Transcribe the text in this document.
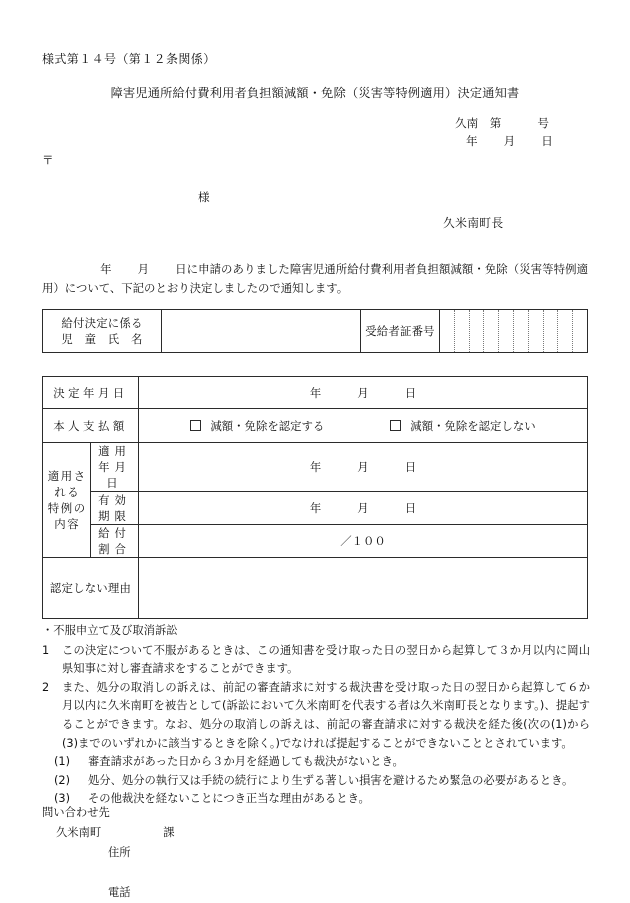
様式第１４号（第１２条関係）
障害児通所給付費利用者負担額減額・免除（災害等特例適用）決定通知書
久南　第	号
年 月 日
〒
様
久米南町長
年 月 日に申請のありました障害児通所給付費利用者負担額減額・免除（災害等特例適用）について、下記のとおり決定しましたので通知します。
給付決定に係る
児　童　氏　名
		受給者証番号										
決定年月日		年 月 日
本人支払額		減額・免除を認定する 減額・免除を認定しない

適用される
特例の内容	適用年月日	年 月 日
	有効期限	年 月 日
	給付割合	／１００
認定しない理由		

・不服申立て及び取消訴訟

1 この決定について不服があるときは、この通知書を受け取った日の翌日から起算して３か月以内に岡山県知事に対し審査請求をすることができます。

2 また、処分の取消しの訴えは、前記の審査請求に対する裁決書を受け取った日の翌日から起算して６か月以内に久米南町を被告として(訴訟において久米南町を代表する者は久米南町長となります。)、提起することができます。なお、処分の取消しの訴えは、前記の審査請求に対する裁決を経た後(次の(1)から(3)までのいずれかに該当するときを除く。)でなければ提起することができないこととされています。

(1) 審査請求があった日から３か月を経過しても裁決がないとき。

(2) 処分、処分の執行又は手続の続行により生ずる著しい損害を避けるため緊急の必要があるとき。

(3) その他裁決を経ないことにつき正当な理由があるとき。

問い合わせ先
久米南町	課
住所
電話
